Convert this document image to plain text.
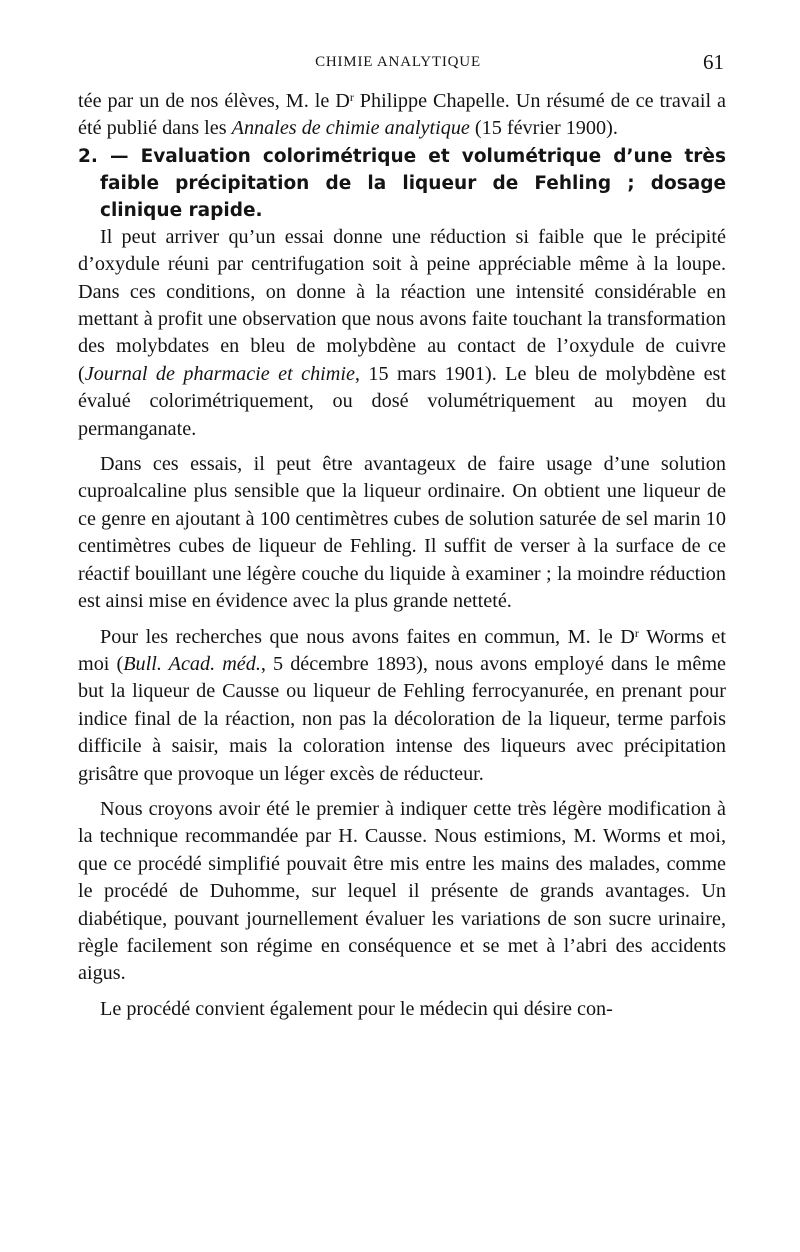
CHIMIE ANALYTIQUE	61

tée par un de nos élèves, M. le $D^r$ Philippe Chapelle. Un résumé de ce travail a été publié dans les Annales de chimie analytique (15 février 1900).

2. — Evaluation colorimétrique et volumétrique d’une très faible précipitation de la liqueur de Fehling ; dosage clinique rapide.

Il peut arriver qu’un essai donne une réduction si faible que le précipité d’oxydule réuni par centrifugation soit à peine appréciable même à la loupe. Dans ces conditions, on donne à la réaction une intensité considérable en mettant à profit une observation que nous avons faite touchant la transformation des molybdates en bleu de molybdène au contact de l’oxydule de cuivre (Journal de pharmacie et chimie, 15 mars 1901). Le bleu de molybdène est évalué colorimétriquement, ou dosé volumétriquement au moyen du permanganate.

Dans ces essais, il peut être avantageux de faire usage d’une solution cuproalcaline plus sensible que la liqueur ordinaire. On obtient une liqueur de ce genre en ajoutant à 100 centimètres cubes de solution saturée de sel marin 10 centimètres cubes de liqueur de Fehling. Il suffit de verser à la surface de ce réactif bouillant une légère couche du liquide à examiner ; la moindre réduction est ainsi mise en évidence avec la plus grande netteté.

Pour les recherches que nous avons faites en commun, M. le $D^r$ Worms et moi (Bull. Acad. méd., 5 décembre 1893), nous avons employé dans le même but la liqueur de Causse ou liqueur de Fehling ferrocyanurée, en prenant pour indice final de la réaction, non pas la décoloration de la liqueur, terme parfois difficile à saisir, mais la coloration intense des liqueurs avec précipitation grisâtre que provoque un léger excès de réducteur.

Nous croyons avoir été le premier à indiquer cette très légère modification à la technique recommandée par H. Causse. Nous estimions, M. Worms et moi, que ce procédé simplifié pouvait être mis entre les mains des malades, comme le procédé de Duhomme, sur lequel il présente de grands avantages. Un diabétique, pouvant journellement évaluer les variations de son sucre urinaire, règle facilement son régime en conséquence et se met à l’abri des accidents aigus.

Le procédé convient également pour le médecin qui désire con-
